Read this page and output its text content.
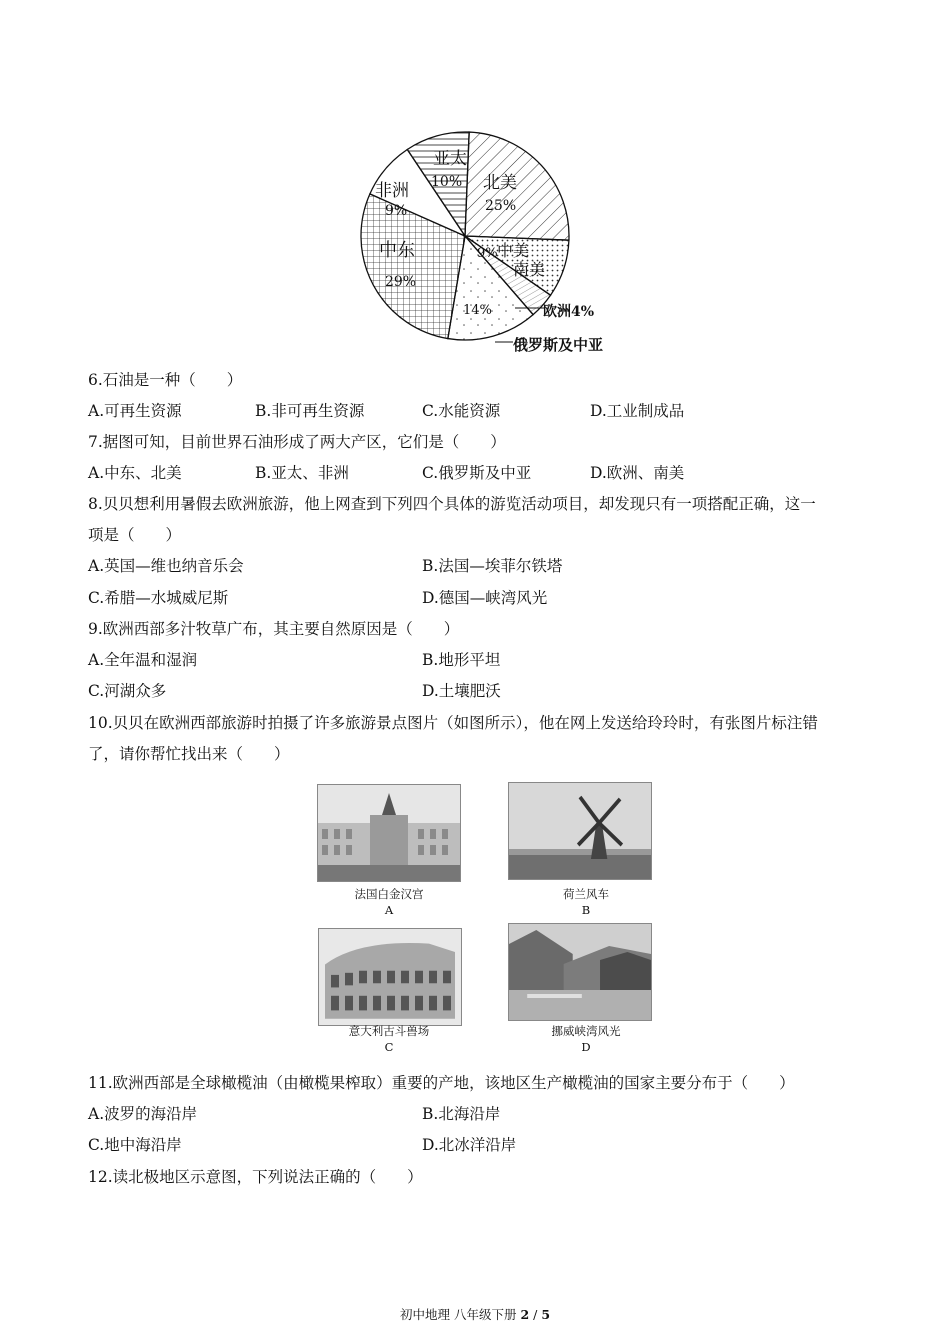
亚太
10% 北美
25%
非洲
9%
中东
29%
9% 中美
南美
14%	欧洲4%
俄罗斯及中亚
6.石油是一种（　　）
A.可再生资源	B.非可再生资源	C.水能资源	D.工业制成品
7.据图可知，目前世界石油形成了两大产区，它们是（　　）
A.中东、北美	B.亚太、非洲	C.俄罗斯及中亚	D.欧洲、南美
8.贝贝想利用暑假去欧洲旅游，他上网查到下列四个具体的游览活动项目，却发现只有一项搭配正确，这一
项是（　　）
A.英国—维也纳音乐会	B.法国—埃菲尔铁塔
C.希腊—水城威尼斯	D.德国—峡湾风光
9.欧洲西部多汁牧草广布，其主要自然原因是（　　）
A.全年温和湿润	B.地形平坦
C.河湖众多	D.土壤肥沃
10.贝贝在欧洲西部旅游时拍摄了许多旅游景点图片（如图所示），他在网上发送给玲玲时，有张图片标注错
了，请你帮忙找出来（　　）
法国白金汉宫
A
荷兰风车
B
意大利古斗兽场
C
挪威峡湾风光
D
11.欧洲西部是全球橄榄油（由橄榄果榨取）重要的产地，该地区生产橄榄油的国家主要分布于（　　）
A.波罗的海沿岸	B.北海沿岸
C.地中海沿岸	D.北冰洋沿岸
12.读北极地区示意图，下列说法正确的（　　）
初中地理 八年级下册 2 / 5
